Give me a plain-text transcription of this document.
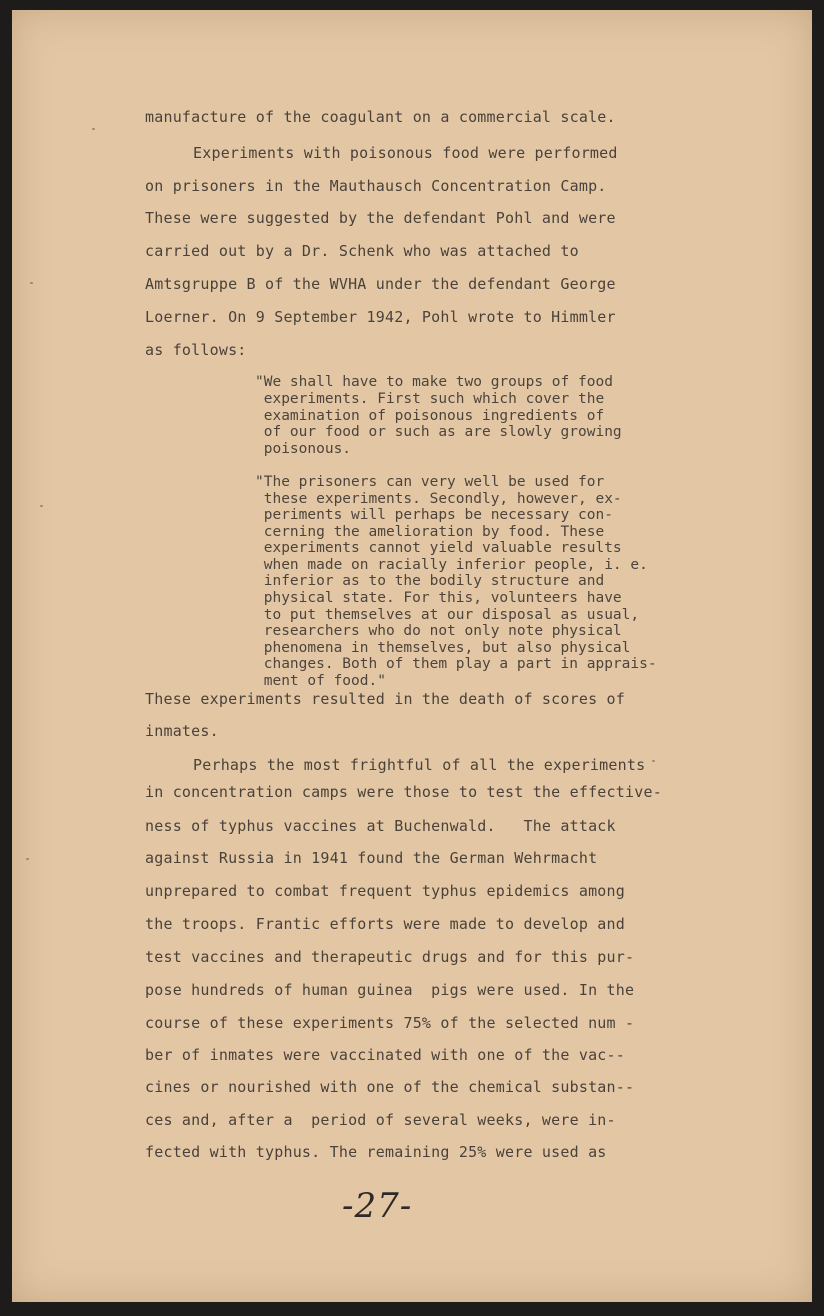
manufacture of the coagulant on a commercial scale.
Experiments with poisonous food were performed
on prisoners in the Mauthausch Concentration Camp.
These were suggested by the defendant Pohl and were
carried out by a Dr. Schenk who was attached to
Amtsgruppe B of the WVHA under the defendant George
Loerner. On 9 September 1942, Pohl wrote to Himmler
as follows:
"We shall have to make two groups of food
experiments. First such which cover the
examination of poisonous ingredients of
of our food or such as are slowly growing
poisonous.
"The prisoners can very well be used for
these experiments. Secondly, however, ex-
periments will perhaps be necessary con-
cerning the amelioration by food. These
experiments cannot yield valuable results
when made on racially inferior people, i. e.
inferior as to the bodily structure and
physical state. For this, volunteers have
to put themselves at our disposal as usual,
researchers who do not only note physical
phenomena in themselves, but also physical
changes. Both of them play a part in apprais-
ment of food."
These experiments resulted in the death of scores of
inmates.
Perhaps the most frightful of all the experiments
in concentration camps were those to test the effective-
ness of typhus vaccines at Buchenwald.   The attack
against Russia in 1941 found the German Wehrmacht
unprepared to combat frequent typhus epidemics among
the troops. Frantic efforts were made to develop and
test vaccines and therapeutic drugs and for this pur-
pose hundreds of human guinea  pigs were used. In the
course of these experiments 75% of the selected num -
ber of inmates were vaccinated with one of the vac--
cines or nourished with one of the chemical substan--
ces and, after a  period of several weeks, were in-
fected with typhus. The remaining 25% were used as
-27-
